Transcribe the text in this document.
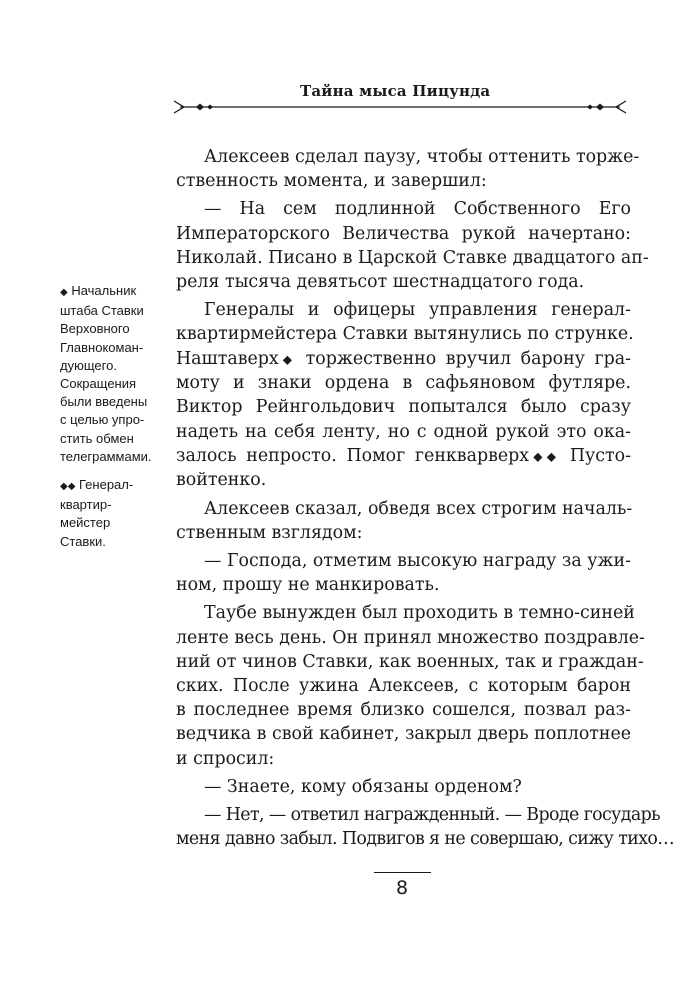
Тайна мыса Пицунда
Алексеев сделал паузу, чтобы оттенить торже-
ственность момента, и завершил:
— На сем подлинной Собственного Его
Императорского Величества рукой начертано:
Николай. Писано в Царской Ставке двадцатого ап-
реля тысяча девятьсот шестнадцатого года.
Генералы и офицеры управления генерал-
квартирмейстера Ставки вытянулись по струнке.
Наштаверх◆ торжественно вручил барону гра-
моту и знаки ордена в сафьяновом футляре.
Виктор Рейнгольдович попытался было сразу
надеть на себя ленту, но с одной рукой это ока-
залось непросто. Помог генкварверх◆◆ Пусто-
войтенко.
Алексеев сказал, обведя всех строгим началь-
ственным взглядом:
— Господа, отметим высокую награду за ужи-
ном, прошу не манкировать.
Таубе вынужден был проходить в темно-синей
ленте весь день. Он принял множество поздравле-
ний от чинов Ставки, как военных, так и граждан-
ских. После ужина Алексеев, с которым барон
в последнее время близко сошелся, позвал раз-
ведчика в свой кабинет, закрыл дверь поплотнее
и спросил:
— Знаете, кому обязаны орденом?
— Нет, — ответил награжденный. — Вроде государь
меня давно забыл. Подвигов я не совершаю, сижу тихо…
◆ Начальник
штаба Ставки
Верховного
Главнокоман-
дующего.
Сокращения
были введены
с целью упро-
стить обмен
телеграммами.
◆◆ Генерал-
квартир-
мейстер
Ставки.
8
